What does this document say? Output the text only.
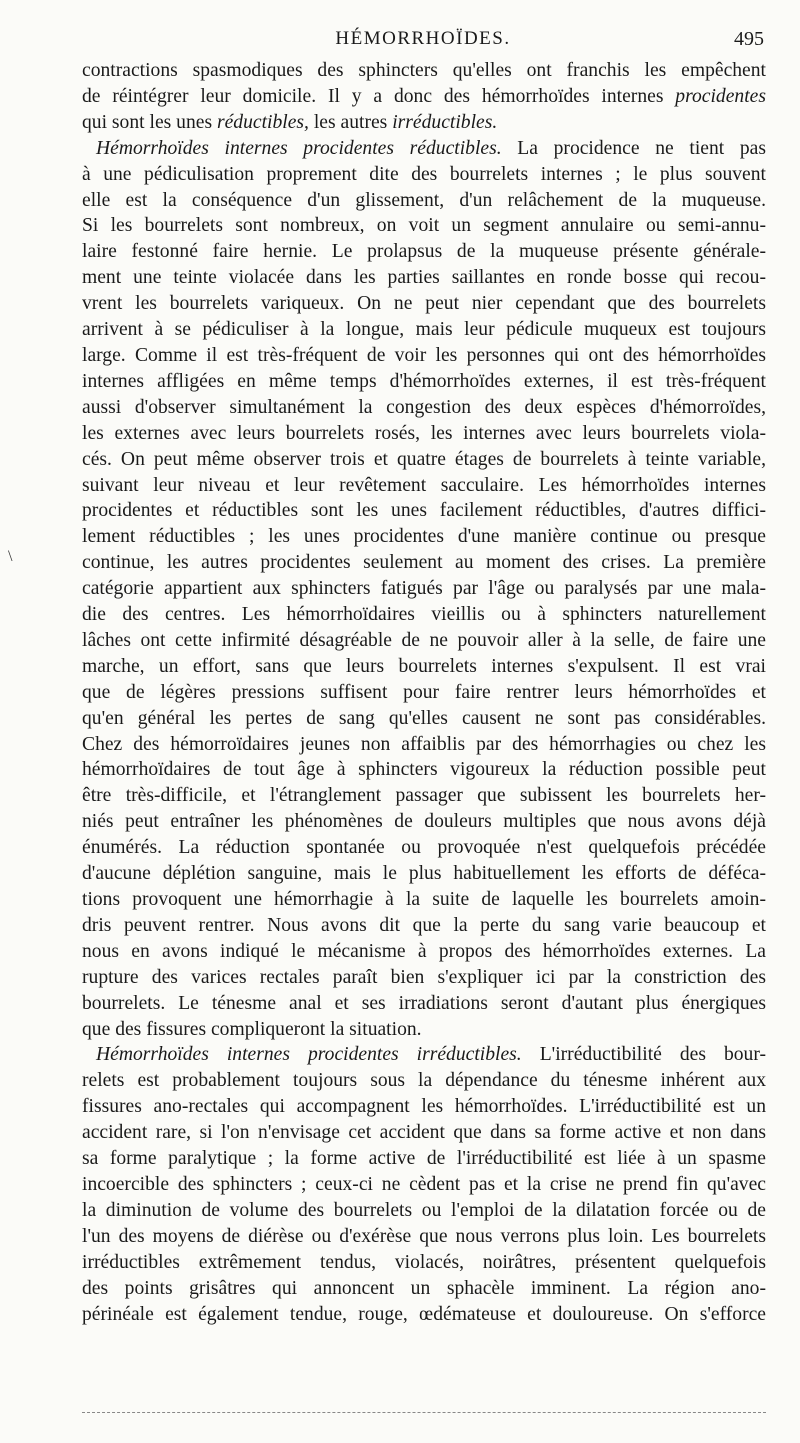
HÉMORRHOÏDES.	495
\
contractions spasmodiques des sphincters qu'elles ont franchis les empêchent
de réintégrer leur domicile. Il y a donc des hémorrhoïdes internes procidentes
qui sont les unes réductibles, les autres irréductibles.
Hémorrhoïdes internes procidentes réductibles. La procidence ne tient pas
à une pédiculisation proprement dite des bourrelets internes ; le plus souvent
elle est la conséquence d'un glissement, d'un relâchement de la muqueuse.
Si les bourrelets sont nombreux, on voit un segment annulaire ou semi-annu-
laire festonné faire hernie. Le prolapsus de la muqueuse présente générale-
ment une teinte violacée dans les parties saillantes en ronde bosse qui recou-
vrent les bourrelets variqueux. On ne peut nier cependant que des bourrelets
arrivent à se pédiculiser à la longue, mais leur pédicule muqueux est toujours
large. Comme il est très-fréquent de voir les personnes qui ont des hémorrhoïdes
internes affligées en même temps d'hémorrhoïdes externes, il est très-fréquent
aussi d'observer simultanément la congestion des deux espèces d'hémorroïdes,
les externes avec leurs bourrelets rosés, les internes avec leurs bourrelets viola-
cés. On peut même observer trois et quatre étages de bourrelets à teinte variable,
suivant leur niveau et leur revêtement sacculaire. Les hémorrhoïdes internes
procidentes et réductibles sont les unes facilement réductibles, d'autres diffici-
lement réductibles ; les unes procidentes d'une manière continue ou presque
continue, les autres procidentes seulement au moment des crises. La première
catégorie appartient aux sphincters fatigués par l'âge ou paralysés par une mala-
die des centres. Les hémorrhoïdaires vieillis ou à sphincters naturellement
lâches ont cette infirmité désagréable de ne pouvoir aller à la selle, de faire une
marche, un effort, sans que leurs bourrelets internes s'expulsent. Il est vrai
que de légères pressions suffisent pour faire rentrer leurs hémorrhoïdes et
qu'en général les pertes de sang qu'elles causent ne sont pas considérables.
Chez des hémorroïdaires jeunes non affaiblis par des hémorrhagies ou chez les
hémorrhoïdaires de tout âge à sphincters vigoureux la réduction possible peut
être très-difficile, et l'étranglement passager que subissent les bourrelets her-
niés peut entraîner les phénomènes de douleurs multiples que nous avons déjà
énumérés. La réduction spontanée ou provoquée n'est quelquefois précédée
d'aucune déplétion sanguine, mais le plus habituellement les efforts de déféca-
tions provoquent une hémorrhagie à la suite de laquelle les bourrelets amoin-
dris peuvent rentrer. Nous avons dit que la perte du sang varie beaucoup et
nous en avons indiqué le mécanisme à propos des hémorrhoïdes externes. La
rupture des varices rectales paraît bien s'expliquer ici par la constriction des
bourrelets. Le ténesme anal et ses irradiations seront d'autant plus énergiques
que des fissures compliqueront la situation.
Hémorrhoïdes internes procidentes irréductibles. L'irréductibilité des bour-
relets est probablement toujours sous la dépendance du ténesme inhérent aux
fissures ano-rectales qui accompagnent les hémorrhoïdes. L'irréductibilité est un
accident rare, si l'on n'envisage cet accident que dans sa forme active et non dans
sa forme paralytique ; la forme active de l'irréductibilité est liée à un spasme
incoercible des sphincters ; ceux-ci ne cèdent pas et la crise ne prend fin qu'avec
la diminution de volume des bourrelets ou l'emploi de la dilatation forcée ou de
l'un des moyens de diérèse ou d'exérèse que nous verrons plus loin. Les bourrelets
irréductibles extrêmement tendus, violacés, noirâtres, présentent quelquefois
des points grisâtres qui annoncent un sphacèle imminent. La région ano-
périnéale est également tendue, rouge, œdémateuse et douloureuse. On s'efforce
